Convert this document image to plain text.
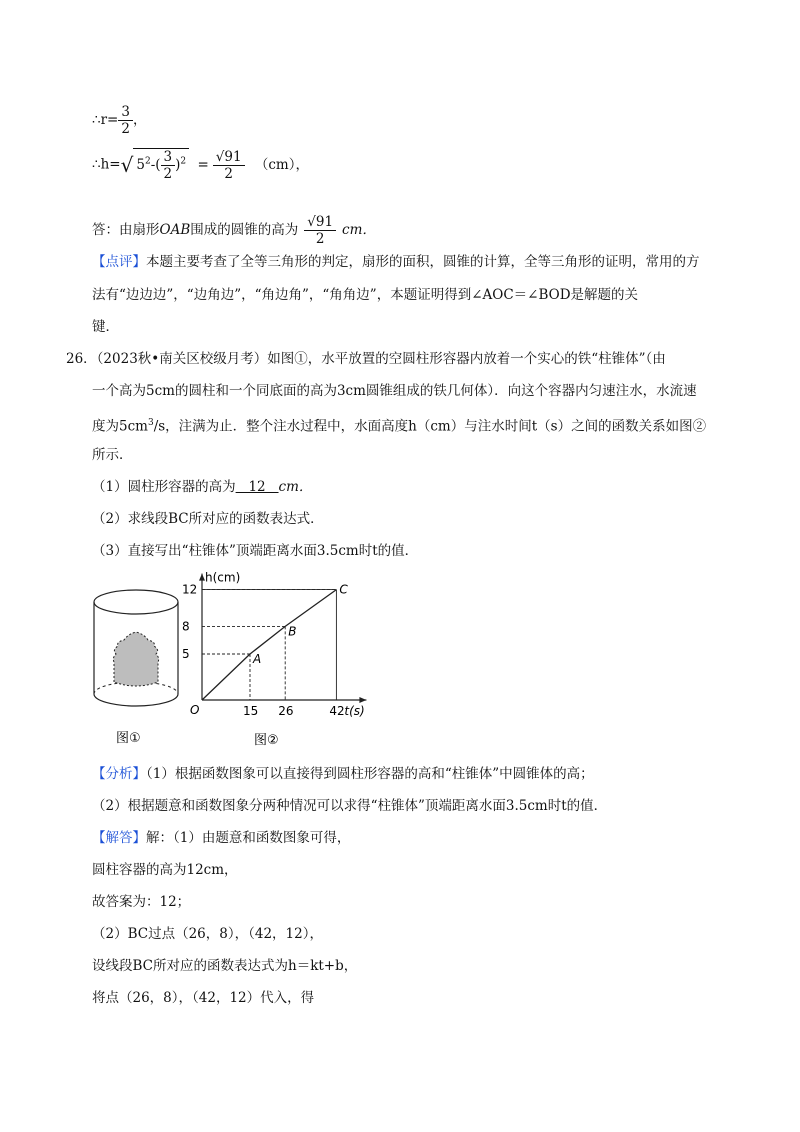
∴r= $\frac{3}{2}$ ，
∴h=√ $5^2-( \frac{3}{2} )^2 = \frac{√91}{2} (cm)$，
答：由扇形OAB围成的圆锥的高为 $\frac{√91}{2}$ cm．
【点评】本题主要考查了全等三角形的判定，扇形的面积，圆锥的计算，全等三角形的证明，常用的方
法有“边边边”，“边角边”，“角边角”，“角角边”，本题证明得到∠AOC＝∠BOD是解题的关
键．
26．（2023秋•南关区校级月考）如图①，水平放置的空圆柱形容器内放着一个实心的铁“柱锥体”（由
一个高为5cm的圆柱和一个同底面的高为3cm圆锥组成的铁几何体）．向这个容器内匀速注水，水流速
度为$5cm^3/s$，注满为止．整个注水过程中，水面高度h（cm）与注水时间t（s）之间的函数关系如图②
所示．
（1）圆柱形容器的高为   12   cm．
（2）求线段BC所对应的函数表达式．
（3）直接写出“柱锥体”顶端距离水面3.5cm时t的值．
图①
h(cm)
t(s)
O
5
15
A
8
26
B
12
42
C
图②
【分析】（1）根据函数图象可以直接得到圆柱形容器的高和“柱锥体”中圆锥体的高；
（2）根据题意和函数图象分两种情况可以求得“柱锥体”顶端距离水面3.5cm时t的值．
【解答】解：（1）由题意和函数图象可得，
圆柱容器的高为12cm，
故答案为：12；
（2）BC过点（26，8），（42，12），
设线段BC所对应的函数表达式为h＝kt+b，
将点（26，8），（42，12）代入，得
